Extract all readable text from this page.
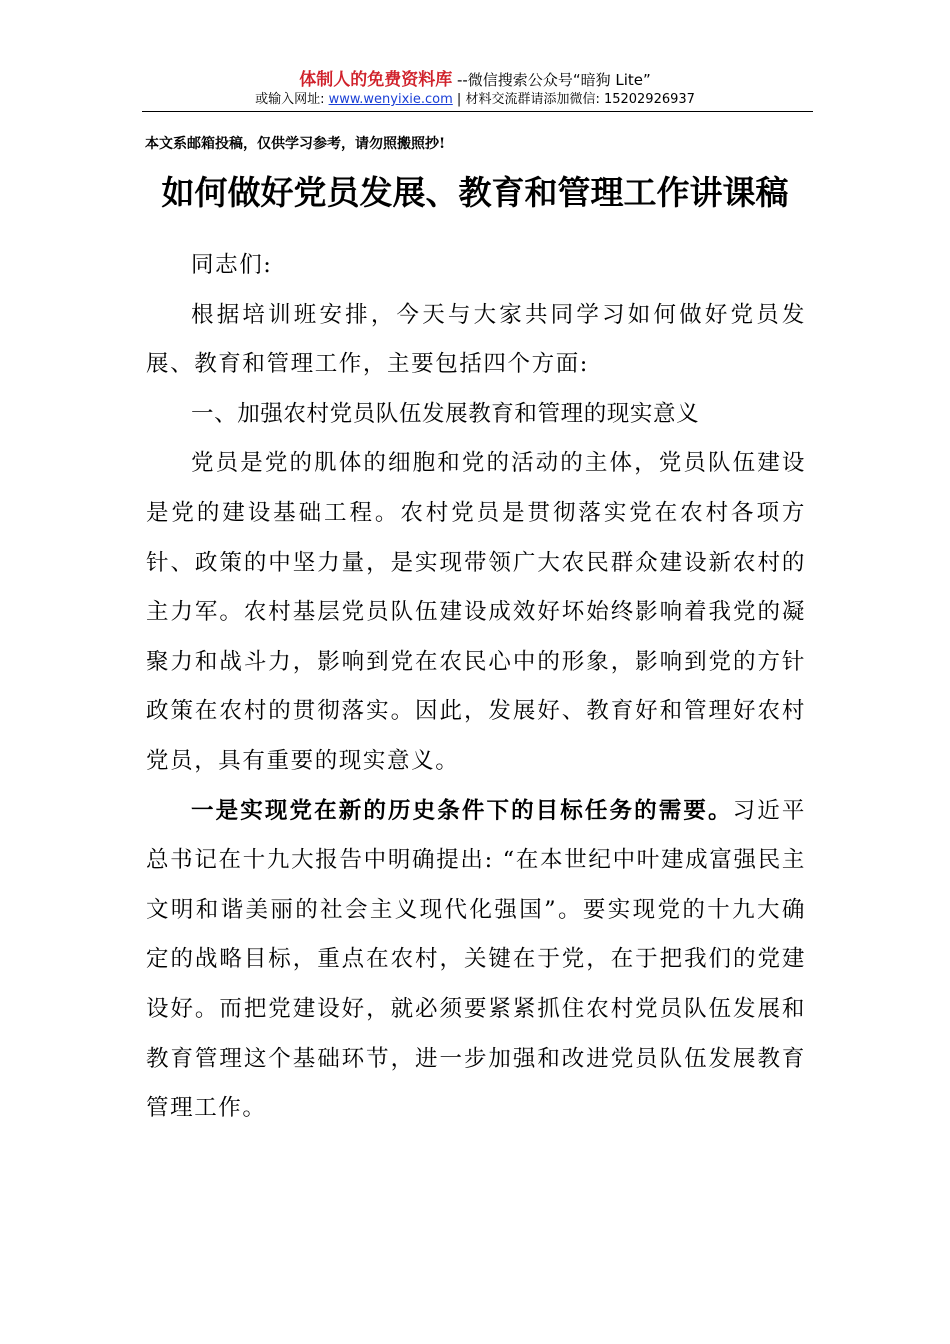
体制人的免费资料库 --微信搜索公众号“暗狗 Lite”
或输入网址: www.wenyixie.com | 材料交流群请添加微信: 15202926937
本文系邮箱投稿，仅供学习参考，请勿照搬照抄!
如何做好党员发展、教育和管理工作讲课稿

同志们:

根据培训班安排，今天与大家共同学习如何做好党员发展、教育和管理工作，主要包括四个方面:

一、加强农村党员队伍发展教育和管理的现实意义

党员是党的肌体的细胞和党的活动的主体，党员队伍建设是党的建设基础工程。农村党员是贯彻落实党在农村各项方针、政策的中坚力量，是实现带领广大农民群众建设新农村的主力军。农村基层党员队伍建设成效好坏始终影响着我党的凝聚力和战斗力，影响到党在农民心中的形象，影响到党的方针政策在农村的贯彻落实。因此，发展好、教育好和管理好农村党员，具有重要的现实意义。

一是实现党在新的历史条件下的目标任务的需要。习近平总书记在十九大报告中明确提出: “在本世纪中叶建成富强民主文明和谐美丽的社会主义现代化强国”。要实现党的十九大确定的战略目标，重点在农村，关键在于党，在于把我们的党建设好。而把党建设好，就必须要紧紧抓住农村党员队伍发展和教育管理这个基础环节，进一步加强和改进党员队伍发展教育管理工作。
